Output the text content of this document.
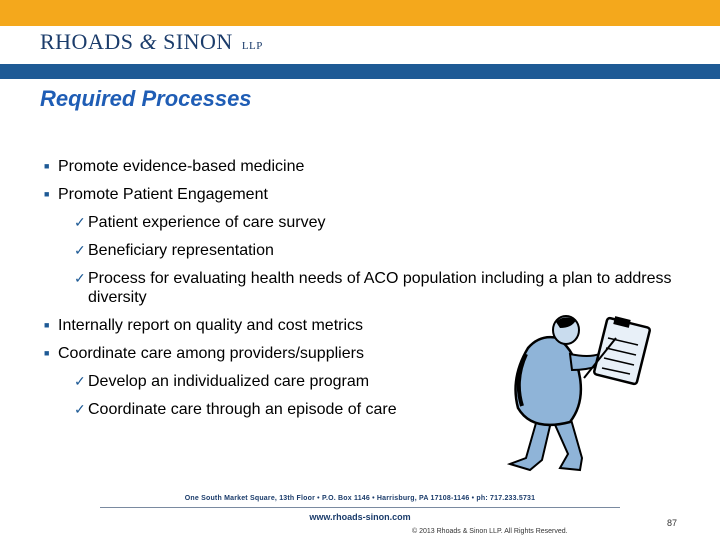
RHOADS & SINON LLP
Required Processes
■ Promote evidence-based medicine
■ Promote Patient Engagement
✓ Patient experience of care survey
✓ Beneficiary representation
✓ Process for evaluating health needs of ACO population including a plan to address diversity
■ Internally report on quality and cost metrics
■ Coordinate care among providers/suppliers
✓ Develop an individualized care program
✓ Coordinate care through an episode of care
One South Market Square, 13th Floor • P.O. Box 1146 • Harrisburg, PA 17108-1146 • ph: 717.233.5731
www.rhoads-sinon.com
© 2013 Rhoads & Sinon LLP. All Rights Reserved.
87
